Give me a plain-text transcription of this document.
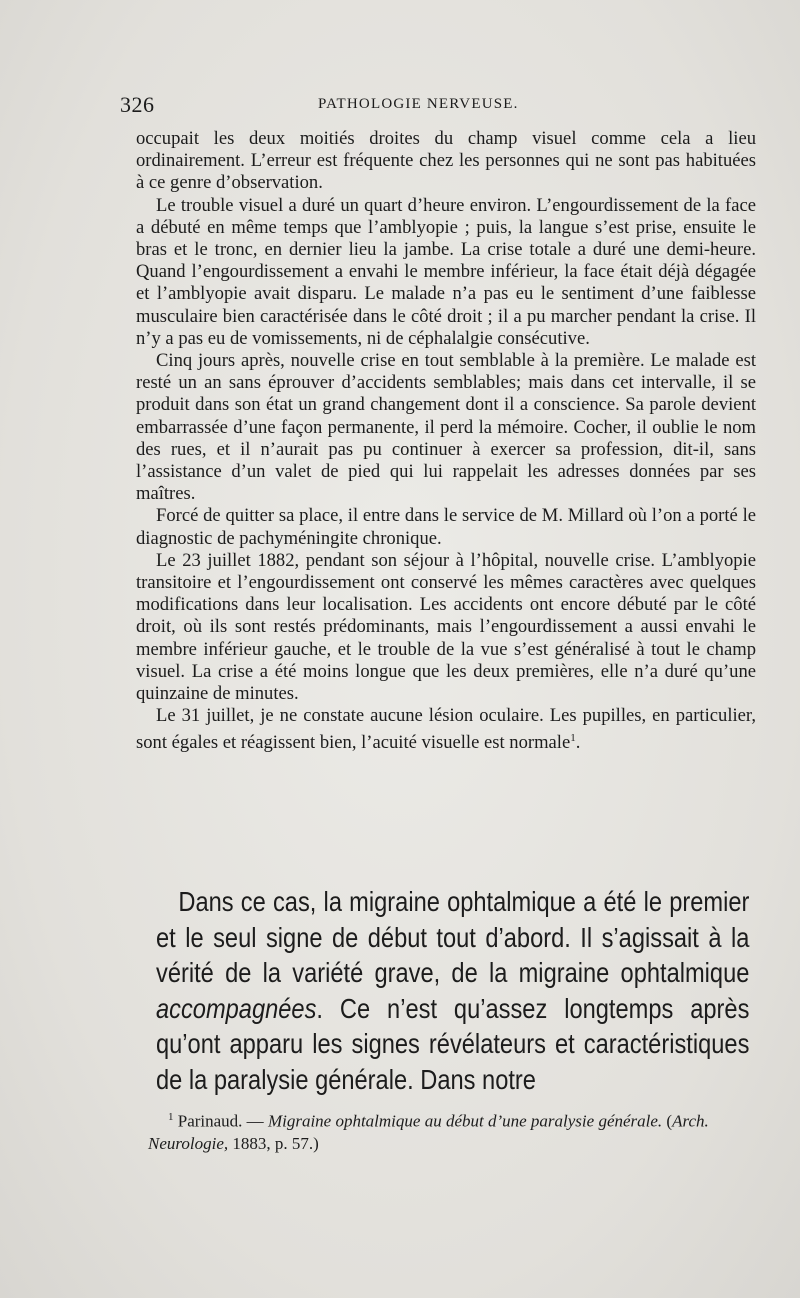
326	PATHOLOGIE NERVEUSE.

occupait les deux moitiés droites du champ visuel comme cela a lieu ordinairement. L’erreur est fréquente chez les personnes qui ne sont pas habituées à ce genre d’observation.

Le trouble visuel a duré un quart d’heure environ. L’engourdissement de la face a débuté en même temps que l’amblyopie ; puis, la langue s’est prise, ensuite le bras et le tronc, en dernier lieu la jambe. La crise totale a duré une demi-heure. Quand l’engourdissement a envahi le membre inférieur, la face était déjà dégagée et l’amblyopie avait disparu. Le malade n’a pas eu le sentiment d’une faiblesse musculaire bien caractérisée dans le côté droit ; il a pu marcher pendant la crise. Il n’y a pas eu de vomissements, ni de céphalalgie consécutive.

Cinq jours après, nouvelle crise en tout semblable à la première. Le malade est resté un an sans éprouver d’accidents semblables; mais dans cet intervalle, il se produit dans son état un grand changement dont il a conscience. Sa parole devient embarrassée d’une façon permanente, il perd la mémoire. Cocher, il oublie le nom des rues, et il n’aurait pas pu continuer à exercer sa profession, dit-il, sans l’assistance d’un valet de pied qui lui rappelait les adresses données par ses maîtres.

Forcé de quitter sa place, il entre dans le service de M. Millard où l’on a porté le diagnostic de pachyméningite chronique.

Le 23 juillet 1882, pendant son séjour à l’hôpital, nouvelle crise. L’amblyopie transitoire et l’engourdissement ont conservé les mêmes caractères avec quelques modifications dans leur localisation. Les accidents ont encore débuté par le côté droit, où ils sont restés prédominants, mais l’engourdissement a aussi envahi le membre inférieur gauche, et le trouble de la vue s’est généralisé à tout le champ visuel. La crise a été moins longue que les deux premières, elle n’a duré qu’une quinzaine de minutes.

Le 31 juillet, je ne constate aucune lésion oculaire. Les pupilles, en particulier, sont égales et réagissent bien, l’acuité visuelle est normale$^1$.

Dans ce cas, la migraine ophtalmique a été le premier et le seul signe de début tout d’abord. Il s’agissait à la vérité de la variété grave, de la migraine ophtalmique accompagnées. Ce n’est qu’assez longtemps après qu’ont apparu les signes révélateurs et caractéristiques de la paralysie générale. Dans notre

$^1$ Parinaud. — Migraine ophtalmique au début d’une paralysie générale. (Arch. Neurologie, 1883, p. 57.)
